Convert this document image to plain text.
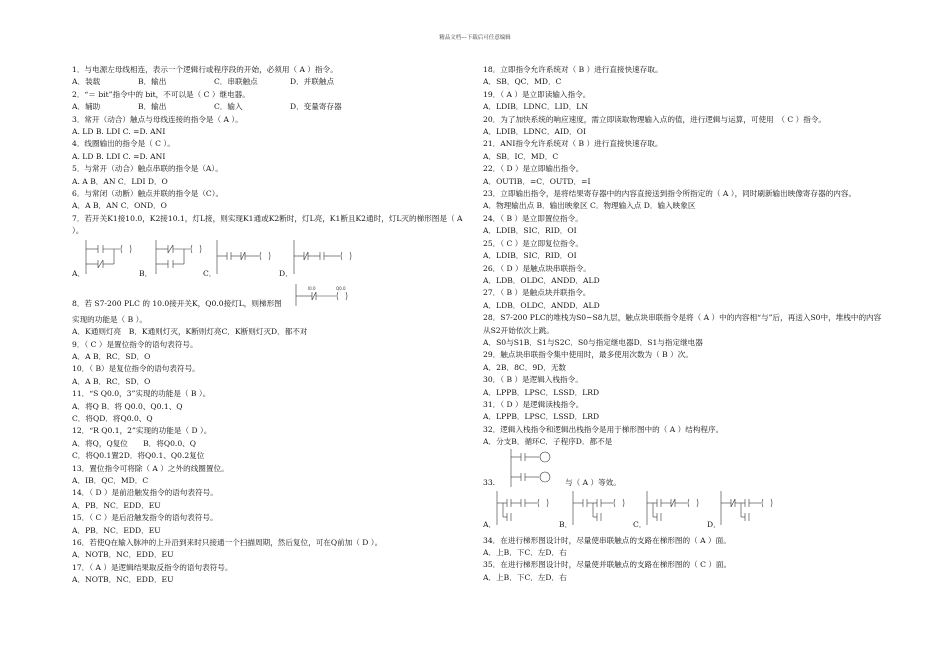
精品文档---下载后可任意编辑
1．与电源左母线相连，表示一个逻辑行或程序段的开始，必须用（ A ）指令。
A．装载	B．输出	C．串联触点	D．并联触点
2．“＝ bit”指令中的 bit，不可以是（ C ）继电器。
A．辅助	B．输出	C．输入	D．变量寄存器
3．常开（动合）触点与母线连接的指令是（ A ）。
A. LD B. LDI C. =D. ANI
4．线圈输出的指令是（ C ）。
A. LD B. LDI C. =D. ANI
5．与常开（动合）触点串联的指令是（A）。
A. A B．AN C．LDI D．O
6．与常闭（动断）触点并联的指令是（C）。
A．A B．AN C．OND．O
7．若开关K1接10.0，K2接10.1，灯L接，则实现K1通或K2断时，灯L亮，K1断且K2通时，灯L灭的梯形图是（ A ）。
A．	B．	C．	D．
8．若 S7-200 PLC 的 10.0接开关K，Q0.0接灯L，则梯形图
I0.0	Q0.0
实现的功能是（ B ）。
A．K通则灯亮　B．K通则灯灭，K断则灯亮C．K断则灯灭D．都不对
9．（ C ）是置位指令的语句表符号。
A．A B．RC．SD．O
10．（ B）是复位指令的语句表符号。
A．A B．RC．SD．O
11．“S Q0.0，3”实现的功能是（ B ）。
A．将Q B．将 Q0.0、Q0.1、Q
C．将QD．将Q0.0、Q
12．“R Q0.1，2”实现的功能是（ D ）。
A．将Q，Q复位　　B．将Q0.0、Q
C．将Q0.1置2D．将Q0.1、Q0.2复位
13．置位指令可将除（ A ）之外的线圈置位。
A．IB．QC．MD．C
14．（ D ）是前沿触发指令的语句表符号。
A．PB．NC．EDD．EU
15．（ C ）是后沿触发指令的语句表符号。
A．PB．NC．EDD．EU
16．若使Q在输入脉冲的上升沿到来时只接通一个扫描周期，然后复位，可在Q前加（ D ）。
A．NOTB．NC．EDD．EU
17．（ A ）是逻辑结果取反指令的语句表符号。
A．NOTB．NC．EDD．EU
18．立即指令允许系统对（ B ）进行直接快速存取。
A．SB．QC．MD．C
19．（ A ）是立即读输入指令。
A．LDIB．LDNC．LID．LN
20．为了加快系统的响应速度，需立即读取物理输入点的值，进行逻辑与运算，可使用　（ C ）指令。
A．LDIB．LDNC．AID．OI
21．ANI指令允许系统对（ B ）进行直接快速存取。
A．SB．IC．MD．C
22．（ D ）是立即输出指令。
A．OUTIB．=C．OUTD．=I
23．立即输出指令，是将结果寄存器中的内容直接送到指令所指定的（ A ），同时刷新输出映像寄存器的内容。
A．物理输出点 B．输出映象区 C．物理输入点 D．输入映象区
24．（ B ）是立即置位指令。
A．LDIB．SIC．RID．OI
25．（ C ）是立即复位指令。
A．LDIB．SIC．RID．OI
26．（ D ）是触点块串联指令。
A．LDB．OLDC．ANDD．ALD
27．（ B ）是触点块并联指令。
A．LDB．OLDC．ANDD．ALD
28．S7-200 PLC的堆栈为S0~S8九层，触点块串联指令是将（ A ）中的内容相“与”后，再送入S0中，堆栈中的内容从S2开始依次上跳。
A．S0与S1B．S1与S2C．S0与指定继电器D．S1与指定继电器
29．触点块串联指令集中使用时，最多使用次数为（ B ）次。
A．2B．8C．9D．无数
30．（ B ）是逻辑入栈指令。
A．LPPB．LPSC．LSSD．LRD
31．（ D ）是逻辑读栈指令。
A．LPPB．LPSC．LSSD．LRD
32．逻辑入栈指令和逻辑出栈指令是用于梯形图中的（ A ）结构程序。
A．分支B．循环C．子程序D．都不是
33.	与（ A ）等效。
A．	B．	C．	D．
34．在进行梯形图设计时，尽量使串联触点的支路在梯形图的（ A ）面。
A．上B．下C．左D．右
35．在进行梯形图设计时，尽量使并联触点的支路在梯形图的（ C ）面。
A．上B．下C．左D．右
